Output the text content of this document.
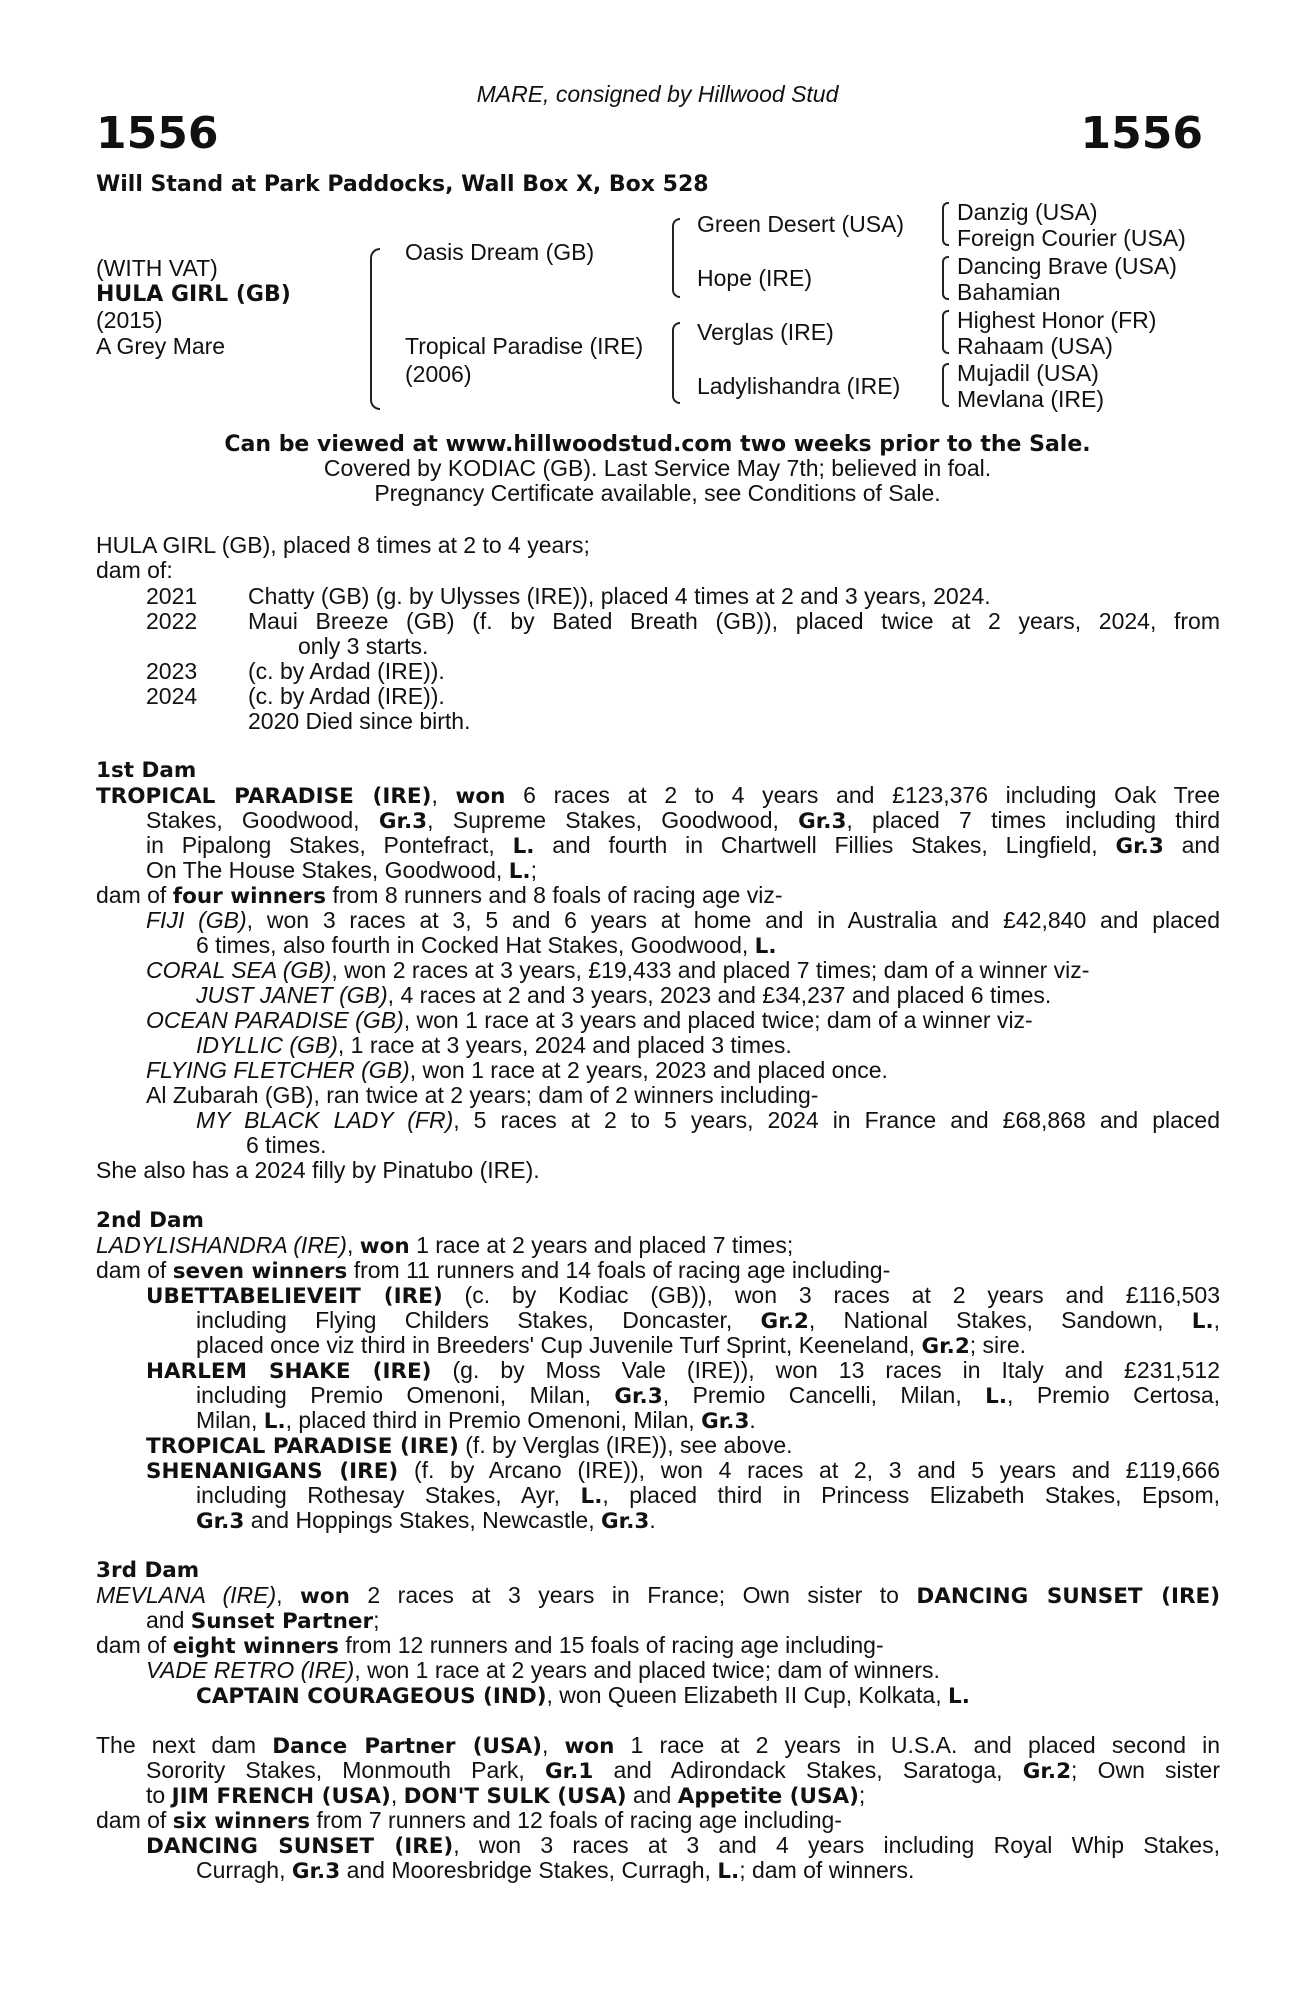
MARE, consigned by Hillwood Stud
1556	1556
Will Stand at Park Paddocks, Wall Box X, Box 528
(WITH VAT)
HULA GIRL (GB)
(2015)
A Grey Mare
Oasis Dream (GB)
Tropical Paradise (IRE)
(2006)
Green Desert (USA)
Hope (IRE)
Verglas (IRE)
Ladylishandra (IRE)
Danzig (USA)
Foreign Courier (USA)
Dancing Brave (USA)
Bahamian
Highest Honor (FR)
Rahaam (USA)
Mujadil (USA)
Mevlana (IRE)
Can be viewed at www.hillwoodstud.com two weeks prior to the Sale.
Covered by KODIAC (GB). Last Service May 7th; believed in foal.
Pregnancy Certificate available, see Conditions of Sale.
HULA GIRL (GB), placed 8 times at 2 to 4 years;
dam of:
2021 Chatty (GB) (g. by Ulysses (IRE)), placed 4 times at 2 and 3 years, 2024.
2022 Maui Breeze (GB) (f. by Bated Breath (GB)), placed twice at 2 years, 2024, from
only 3 starts.
2023 (c. by Ardad (IRE)).
2024 (c. by Ardad (IRE)).
2020 Died since birth.
1st Dam
TROPICAL PARADISE (IRE), won 6 races at 2 to 4 years and £123,376 including Oak Tree
Stakes, Goodwood, Gr.3, Supreme Stakes, Goodwood, Gr.3, placed 7 times including third
in Pipalong Stakes, Pontefract, L. and fourth in Chartwell Fillies Stakes, Lingfield, Gr.3 and
On The House Stakes, Goodwood, L.;
dam of four winners from 8 runners and 8 foals of racing age viz-
FIJI (GB), won 3 races at 3, 5 and 6 years at home and in Australia and £42,840 and placed
6 times, also fourth in Cocked Hat Stakes, Goodwood, L.
CORAL SEA (GB), won 2 races at 3 years, £19,433 and placed 7 times; dam of a winner viz-
JUST JANET (GB), 4 races at 2 and 3 years, 2023 and £34,237 and placed 6 times.
OCEAN PARADISE (GB), won 1 race at 3 years and placed twice; dam of a winner viz-
IDYLLIC (GB), 1 race at 3 years, 2024 and placed 3 times.
FLYING FLETCHER (GB), won 1 race at 2 years, 2023 and placed once.
Al Zubarah (GB), ran twice at 2 years; dam of 2 winners including-
MY BLACK LADY (FR), 5 races at 2 to 5 years, 2024 in France and £68,868 and placed
6 times.
She also has a 2024 filly by Pinatubo (IRE).
2nd Dam
LADYLISHANDRA (IRE), won 1 race at 2 years and placed 7 times;
dam of seven winners from 11 runners and 14 foals of racing age including-
UBETTABELIEVEIT (IRE) (c. by Kodiac (GB)), won 3 races at 2 years and £116,503
including Flying Childers Stakes, Doncaster, Gr.2, National Stakes, Sandown, L.,
placed once viz third in Breeders' Cup Juvenile Turf Sprint, Keeneland, Gr.2; sire.
HARLEM SHAKE (IRE) (g. by Moss Vale (IRE)), won 13 races in Italy and £231,512
including Premio Omenoni, Milan, Gr.3, Premio Cancelli, Milan, L., Premio Certosa,
Milan, L., placed third in Premio Omenoni, Milan, Gr.3.
TROPICAL PARADISE (IRE) (f. by Verglas (IRE)), see above.
SHENANIGANS (IRE) (f. by Arcano (IRE)), won 4 races at 2, 3 and 5 years and £119,666
including Rothesay Stakes, Ayr, L., placed third in Princess Elizabeth Stakes, Epsom,
Gr.3 and Hoppings Stakes, Newcastle, Gr.3.
3rd Dam
MEVLANA (IRE), won 2 races at 3 years in France; Own sister to DANCING SUNSET (IRE)
and Sunset Partner;
dam of eight winners from 12 runners and 15 foals of racing age including-
VADE RETRO (IRE), won 1 race at 2 years and placed twice; dam of winners.
CAPTAIN COURAGEOUS (IND), won Queen Elizabeth II Cup, Kolkata, L.
The next dam Dance Partner (USA), won 1 race at 2 years in U.S.A. and placed second in
Sorority Stakes, Monmouth Park, Gr.1 and Adirondack Stakes, Saratoga, Gr.2; Own sister
to JIM FRENCH (USA), DON'T SULK (USA) and Appetite (USA);
dam of six winners from 7 runners and 12 foals of racing age including-
DANCING SUNSET (IRE), won 3 races at 3 and 4 years including Royal Whip Stakes,
Curragh, Gr.3 and Mooresbridge Stakes, Curragh, L.; dam of winners.
